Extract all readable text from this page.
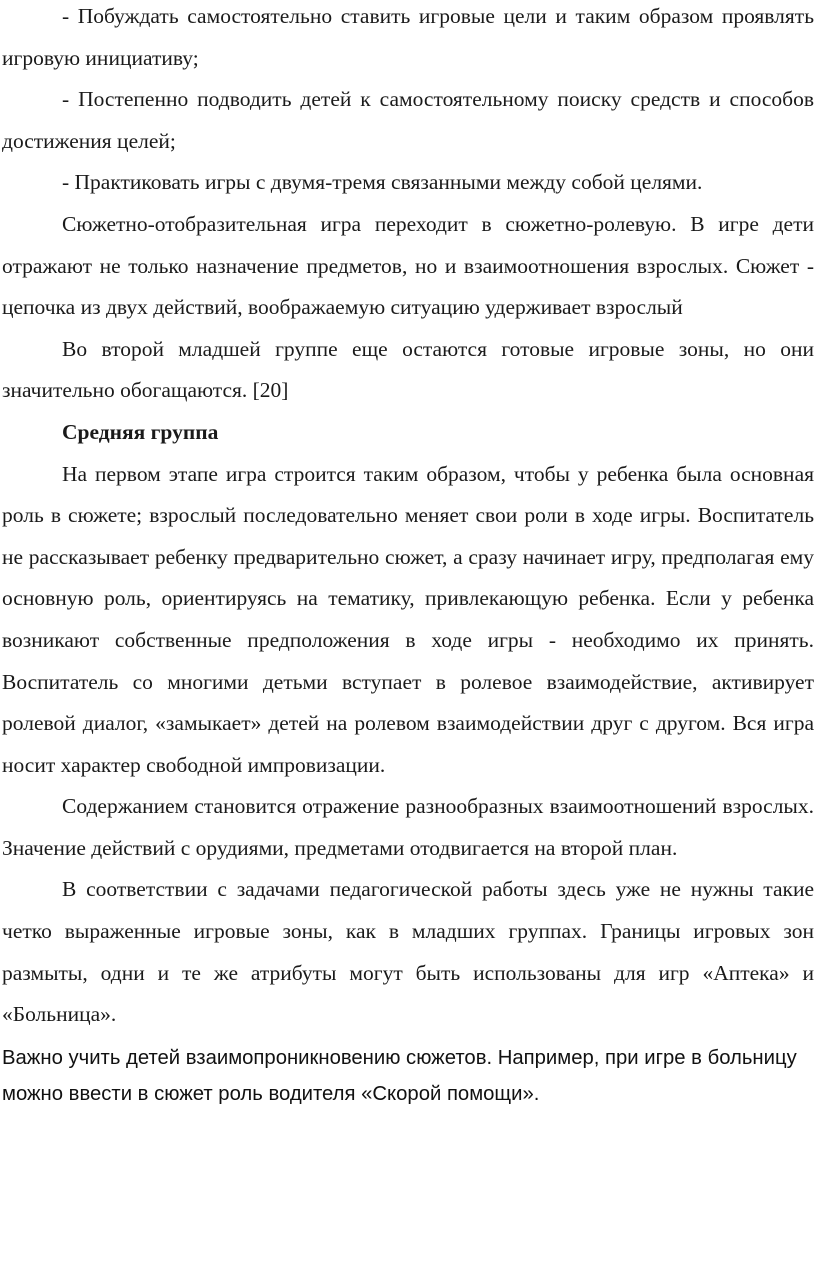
- Побуждать самостоятельно ставить игровые цели и таким образом проявлять игровую инициативу;

- Постепенно подводить детей к самостоятельному поиску средств и способов достижения целей;

- Практиковать игры с двумя-тремя связанными между собой целями.

Сюжетно-отобразительная игра переходит в сюжетно-ролевую. В игре дети отражают не только назначение предметов, но и взаимоотношения взрослых. Сюжет - цепочка из двух действий, воображаемую ситуацию удерживает взрослый

Во второй младшей группе еще остаются готовые игровые зоны, но они значительно обогащаются. [20]

Средняя группа

На первом этапе игра строится таким образом, чтобы у ребенка была основная роль в сюжете; взрослый последовательно меняет свои роли в ходе игры. Воспитатель не рассказывает ребенку предварительно сюжет, а сразу начинает игру, предполагая ему основную роль, ориентируясь на тематику, привлекающую ребенка. Если у ребенка возникают собственные предположения в ходе игры - необходимо их принять. Воспитатель со многими детьми вступает в ролевое взаимодействие, активирует ролевой диалог, «замыкает» детей на ролевом взаимодействии друг с другом. Вся игра носит характер свободной импровизации.

Содержанием становится отражение разнообразных взаимоотношений взрослых. Значение действий с орудиями, предметами отодвигается на второй план.

В соответствии с задачами педагогической работы здесь уже не нужны такие четко выраженные игровые зоны, как в младших группах. Границы игровых зон размыты, одни и те же атрибуты могут быть использованы для игр «Аптека» и «Больница».

Важно учить детей взаимопроникновению сюжетов. Например, при игре в больницу можно ввести в сюжет роль водителя «Скорой помощи».
